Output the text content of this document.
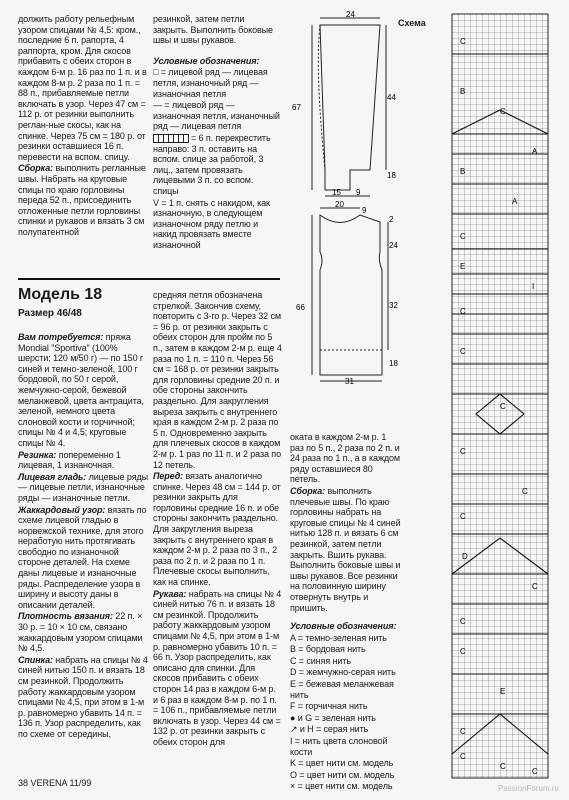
должить работу рельефным узором спицами № 4,5: кром., последние 6 п. рапорта, 4 раппорта, кром. Для скосов прибавить с обеих сторон в каждом 6-м р. 16 раз по 1 п. и в каждом 8-м р. 2 раза по 1 п. = 88 п., прибавляемые петли включать в узор. Через 47 см = 112 р. от резинки выполнить реглан-ные скосы, как на спинке. Через 75 см = 180 р. от резинки оставшиеся 16 п. перевести на вспом. спицу.

Сборка: выполнить регланные швы. Набрать на круговые спицы по краю горловины переда 52 п., присоединить отложенные петли горловины спинки и рукавов и вязать 3 см полупатентной

резинкой, затем петли закрыть. Выполнить боковые швы и швы рукавов.

Условные обозначения:

□ = лицевой ряд — лицевая петля, изнаночный ряд — изнаночная петля

— = лицевой ряд — изнаночная петля, изнаночный ряд — лицевая петля

= 6 п. перекрестить направо: 3 п. оставить на вспом. спице за работой, 3 лиц., затем провязать лицевыми 3 п. со вспом. спицы

V = 1 п. снять с накидом, как изнаночную, в следующем изнаночном ряду петлю и накид провязать вместе изнаночной

Модель 18
Размер 46/48

Вам потребуется: пряжа Mondial "Sportiva" (100% шерсти; 120 м/50 г) — по 150 г синей и темно-зеленой, 100 г бордовой, по 50 г серой, жемчужно-серой, бежевой меланжевой, цвета антрацита, зеленой, немного цвета слоновой кости и горчичной; спицы № 4 и 4,5; круговые спицы № 4.

Резинка: попеременно 1 лицевая, 1 изнаночная.

Лицевая гладь: лицевые ряды — лицевые петли, изнаночные ряды — изнаночные петли.

Жаккардовый узор: вязать по схеме лицевой гладью в норвежской технике, для этого неработую нить протягивать свободно по изнаночной стороне деталей. На схеме даны лицевые и изнаночные ряды. Распределение узора в ширину и высоту даны в описании деталей.

Плотность вязания: 22 п. × 30 р. = 10 × 10 см, связано жаккардовым узором спицами № 4,5.

Спинка: набрать на спицы № 4 синей нитью 150 п. и вязать 18 см резинкой. Продолжить работу жаккардовым узором спицами № 4,5, при этом в 1-м р. равномерно убавить 14 п. = 136 п. Узор распределить, как по схеме от середины,

средняя петля обозначена стрелкой. Закончив схему, повторить с 3-го р. Через 32 см = 96 р. от резинки закрыть с обеих сторон для пройм по 5 п., затем в каждом 2-м р. еще 4 раза по 1 п. = 110 п. Через 56 см = 168 р. от резинки закрыть для горловины средние 20 п. и обе стороны закончить раздельно. Для закругления выреза закрыть с внутреннего края в каждом 2-м р. 2 раза по 5 п. Одновременно закрыть для плечевых скосов в каждом 2-м р. 1 раз по 11 п. и 2 раза по 12 петель.

Перед: вязать аналогично спинке. Через 48 см = 144 р. от резинки закрыть для горловины средние 16 п. и обе стороны закончить раздельно. Для закругления выреза закрыть с внутреннего края в каждом 2-м р. 2 раза по 3 п., 2 раза по 2 п. и 2 раза по 1 п. Плечевые скосы выполнить, как на спинке.

Рукава: набрать на спицы № 4 синей нитью 76 п. и вязать 18 см резинкой. Продолжить работу жаккардовым узором спицами № 4,5, при этом в 1-м р. равномерно убавить 10 п. = 66 п. Узор распределить, как описано для спинки. Для скосов прибавить с обеих сторон 14 раз в каждом 6-м р. и 6 раз в каждом 8-м р. по 1 п. = 106 п., прибавляемые петли включать в узор. Через 44 см = 132 р. от резинки закрыть с обеих сторон для

оката в каждом 2-м р. 1 раз по 5 п., 2 раза по 2 п. и 24 раза по 1 п., а в каждом ряду оставшиеся 80 петель.

Сборка: выполнить плечевые швы. По краю горловины набрать на круговые спицы № 4 синей нитью 128 п. и вязать 6 см резинкой, затем петли закрыть. Вшить рукава. Выполнить боковые швы и швы рукавов. Все резинки на половинную ширину отвернуть внутрь и пришить.

Условные обозначения:

A = темно-зеленая нить

B = бордовая нить

C = синяя нить

D = жемчужно-серая нить

E = бежевая меланжевая нить

F = горчичная нить

● и G = зеленая нить

↗ и H = серая нить

I = нить цвета слоновой кости

K = цвет нити см. модель

O = цвет нити см. модель

× = цвет нити см. модель

24
44
67
18
15 9
20
9
2
24
66	32
18
31
Схема
C
B
C
A
B
A
C
E
I
C
C
C
C
C
C
D
C
C
C
E
C
C
C
C
38 VERENA 11/99
PassionForum.ru
